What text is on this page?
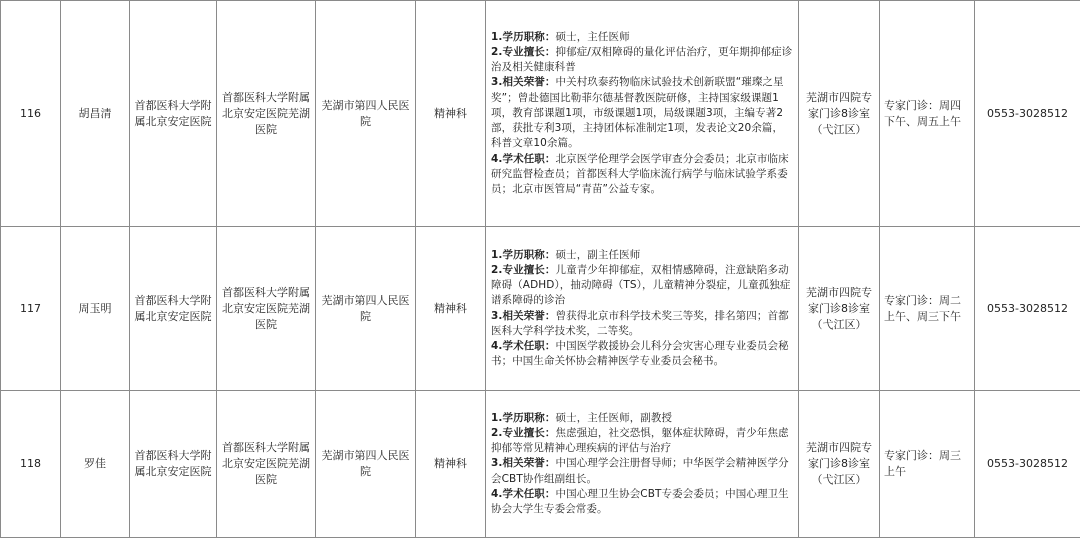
116	胡昌清	首都医科大学附属北京安定医院	首都医科大学附属北京安定医院芜湖医院	芜湖市第四人民医院	精神科	1.学历职称：硕士，主任医师
2.专业擅长：抑郁症/双相障碍的量化评估治疗，更年期抑郁症诊治及相关健康科普
3.相关荣誉：中关村玖泰药物临床试验技术创新联盟“璀璨之星奖”；曾赴德国比勒菲尔德基督教医院研修，主持国家级课题1项，教育部课题1项，市级课题1项，局级课题3项，主编专著2部，获批专利3项，主持团体标准制定1项，发表论文20余篇，科普文章10余篇。
4.学术任职：北京医学伦理学会医学审查分会委员；北京市临床研究监督检查员；首都医科大学临床流行病学与临床试验学系委员；北京市医管局“青苗”公益专家。	芜湖市四院专家门诊8诊室（弋江区）	专家门诊：周四下午、周五上午	0553-3028512
117	周玉明	首都医科大学附属北京安定医院	首都医科大学附属北京安定医院芜湖医院	芜湖市第四人民医院	精神科	1.学历职称：硕士，副主任医师
2.专业擅长：儿童青少年抑郁症，双相情感障碍，注意缺陷多动障碍（ADHD），抽动障碍（TS），儿童精神分裂症，儿童孤独症谱系障碍的诊治
3.相关荣誉：曾获得北京市科学技术奖三等奖，排名第四；首都医科大学科学技术奖，二等奖。
4.学术任职：中国医学救援协会儿科分会灾害心理专业委员会秘书；中国生命关怀协会精神医学专业委员会秘书。	芜湖市四院专家门诊8诊室（弋江区）	专家门诊：周二上午、周三下午	0553-3028512
118	罗佳	首都医科大学附属北京安定医院	首都医科大学附属北京安定医院芜湖医院	芜湖市第四人民医院	精神科	1.学历职称：硕士，主任医师，副教授
2.专业擅长：焦虑强迫，社交恐惧，躯体症状障碍，青少年焦虑抑郁等常见精神心理疾病的评估与治疗
3.相关荣誉：中国心理学会注册督导师；中华医学会精神医学分会CBT协作组副组长。
4.学术任职：中国心理卫生协会CBT专委会委员；中国心理卫生协会大学生专委会常委。	芜湖市四院专家门诊8诊室（弋江区）	专家门诊：周三上午	0553-3028512
